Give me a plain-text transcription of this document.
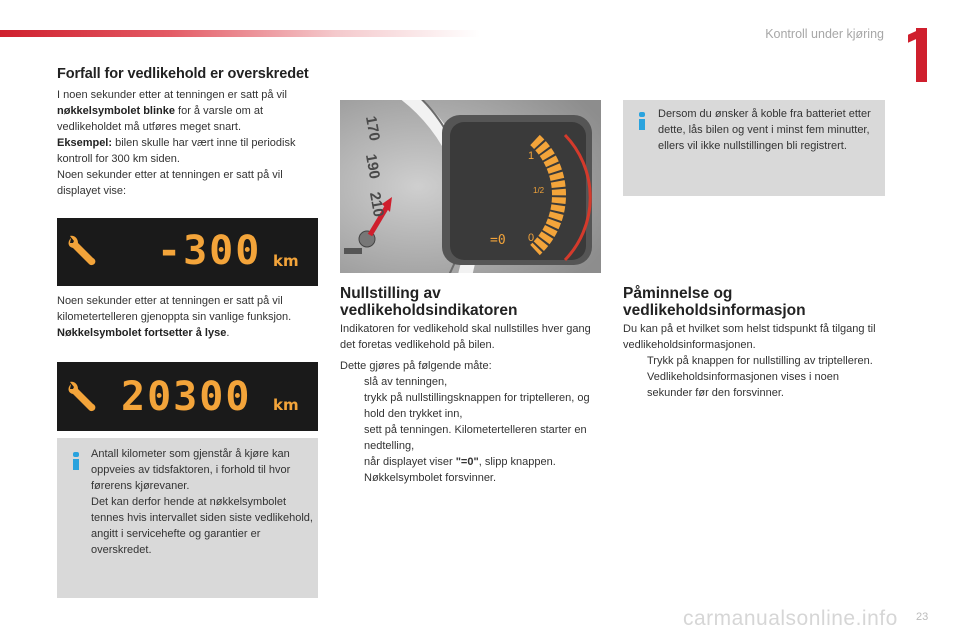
Kontroll under kjøring
Forfall for vedlikehold er overskredet
I noen sekunder etter at tenningen er satt på vil nøkkelsymbolet blinke for å varsle om at vedlikeholdet må utføres meget snart.
Eksempel: bilen skulle har vært inne til periodisk kontroll for 300 km siden.
Noen sekunder etter at tenningen er satt på vil displayet vise:
-300 km
Noen sekunder etter at tenningen er satt på vil kilometertelleren gjenoppta sin vanlige funksjon. Nøkkelsymbolet fortsetter å lyse.
20300 km
Antall kilometer som gjenstår å kjøre kan oppveies av tidsfaktoren, i forhold til hvor førerens kjørevaner.
Det kan derfor hende at nøkkelsymbolet tennes hvis intervallet siden siste vedlikehold, angitt i servicehefte og garantier er overskredet.
170
190
210
1
1/2
0
=0
Nullstilling av
vedlikeholdsindikatoren
Indikatoren for vedlikehold skal nullstilles hver gang det foretas vedlikehold på bilen.
Dette gjøres på følgende måte:
slå av tenningen,
trykk på nullstillingsknappen for triptelleren, og hold den trykket inn,
sett på tenningen. Kilometertelleren starter en nedtelling,
når displayet viser "=0", slipp knappen. Nøkkelsymbolet forsvinner.
Dersom du ønsker å koble fra batteriet etter dette, lås bilen og vent i minst fem minutter, ellers vil ikke nullstillingen bli registrert.
Påminnelse og
vedlikeholdsinformasjon
Du kan på et hvilket som helst tidspunkt få tilgang til vedlikeholdsinformasjonen.
Trykk på knappen for nullstilling av triptelleren.
Vedlikeholdsinformasjonen vises i noen sekunder før den forsvinner.
carmanualsonline.info 23
